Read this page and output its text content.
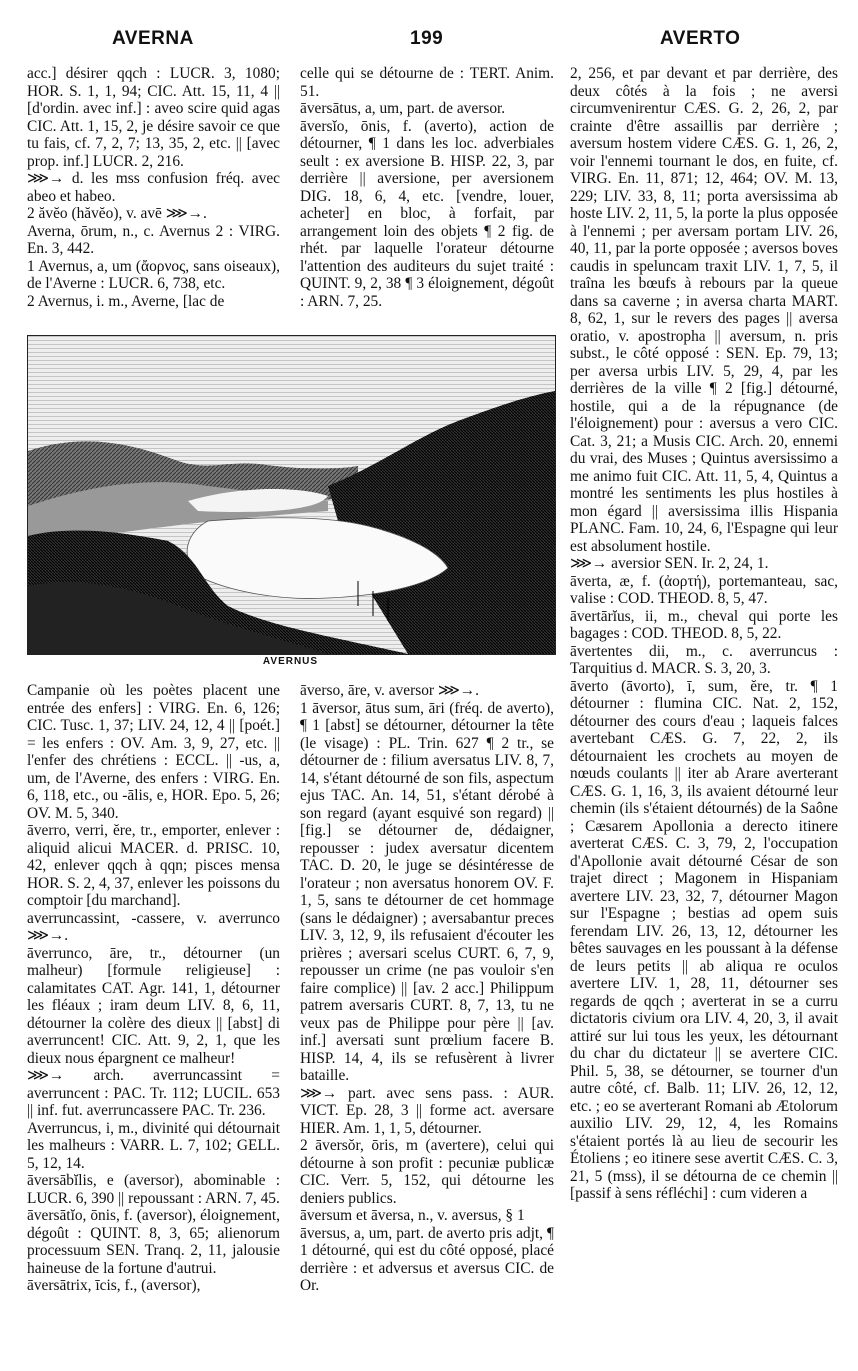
AVERNA	199	AVERTO

acc.] désirer qqch : LUCR. 3, 1080; HOR. S. 1, 1, 94; CIC. Att. 15, 11, 4 || [d'ordin. avec inf.] : aveo scire quid agas CIC. Att. 1, 15, 2, je désire savoir ce que tu fais, cf. 7, 2, 7; 13, 35, 2, etc. || [avec prop. inf.] LUCR. 2, 216.

⋙→ d. les mss confusion fréq. avec abeo et habeo.

2 ăvĕo (hăvĕo), v. avē ⋙→.

Averna, ōrum, n., c. Avernus 2 : VIRG. En. 3, 442.

1 Avernus, a, um (ἄορνος, sans oiseaux), de l'Averne : LUCR. 6, 738, etc.

2 Avernus, i. m., Averne, [lac de

celle qui se détourne de : TERT. Anim. 51.

āversātus, a, um, part. de aversor.

āversĭo, ōnis, f. (averto), action de détourner, ¶ 1 dans les loc. adverbiales seult : ex aversione B. HISP. 22, 3, par derrière || aversione, per aversionem DIG. 18, 6, 4, etc. [vendre, louer, acheter] en bloc, à forfait, par arrangement loin des objets ¶ 2 fig. de rhét. par laquelle l'orateur détourne l'attention des auditeurs du sujet traité : QUINT. 9, 2, 38 ¶ 3 éloignement, dégoût : ARN. 7, 25.

AVERNUS

Campanie où les poètes placent une entrée des enfers] : VIRG. En. 6, 126; CIC. Tusc. 1, 37; LIV. 24, 12, 4 || [poét.] = les enfers : OV. Am. 3, 9, 27, etc. || l'enfer des chrétiens : ECCL. || -us, a, um, de l'Averne, des enfers : VIRG. En. 6, 118, etc., ou -ālis, e, HOR. Epo. 5, 26; OV. M. 5, 340.

āverro, verri, ĕre, tr., emporter, enlever : aliquid alicui MACER. d. PRISC. 10, 42, enlever qqch à qqn; pisces mensa HOR. S. 2, 4, 37, enlever les poissons du comptoir [du marchand].

averruncassint, -cassere, v. averrunco ⋙→.

āverrunco, āre, tr., détourner (un malheur) [formule religieuse] : calamitates CAT. Agr. 141, 1, détourner les fléaux ; iram deum LIV. 8, 6, 11, détourner la colère des dieux || [abst] di averruncent! CIC. Att. 9, 2, 1, que les dieux nous épargnent ce malheur!

⋙→ arch. averruncassint = averruncent : PAC. Tr. 112; LUCIL. 653 || inf. fut. averruncassere PAC. Tr. 236.

Averruncus, i, m., divinité qui détournait les malheurs : VARR. L. 7, 102; GELL. 5, 12, 14.

āversābĭlis, e (aversor), abominable : LUCR. 6, 390 || repoussant : ARN. 7, 45.

āversātĭo, ōnis, f. (aversor), éloignement, dégoût : QUINT. 8, 3, 65; alienorum processuum SEN. Tranq. 2, 11, jalousie haineuse de la fortune d'autrui.

āversātrix, īcis, f., (aversor),

āverso, āre, v. aversor ⋙→.

1 āversor, ātus sum, āri (fréq. de averto), ¶ 1 [abst] se détourner, détourner la tête (le visage) : PL. Trin. 627 ¶ 2 tr., se détourner de : filium aversatus LIV. 8, 7, 14, s'étant détourné de son fils, aspectum ejus TAC. An. 14, 51, s'étant dérobé à son regard (ayant esquivé son regard) || [fig.] se détourner de, dédaigner, repousser : judex aversatur dicentem TAC. D. 20, le juge se désintéresse de l'orateur ; non aversatus honorem OV. F. 1, 5, sans te détourner de cet hommage (sans le dédaigner) ; aversabantur preces LIV. 3, 12, 9, ils refusaient d'écouter les prières ; aversari scelus CURT. 6, 7, 9, repousser un crime (ne pas vouloir s'en faire complice) || [av. 2 acc.] Philippum patrem aversaris CURT. 8, 7, 13, tu ne veux pas de Philippe pour père || [av. inf.] aversati sunt prœlium facere B. HISP. 14, 4, ils se refusèrent à livrer bataille.

⋙→ part. avec sens pass. : AUR. VICT. Ep. 28, 3 || forme act. aversare HIER. Am. 1, 1, 5, détourner.

2 āversŏr, ōris, m (avertere), celui qui détourne à son profit : pecuniæ publicæ CIC. Verr. 5, 152, qui détourne les deniers publics.

āversum et āversa, n., v. aversus, § 1

āversus, a, um, part. de averto pris adjt, ¶ 1 détourné, qui est du côté opposé, placé derrière : et adversus et aversus CIC. de Or.

2, 256, et par devant et par derrière, des deux côtés à la fois ; ne aversi circumvenirentur CÆS. G. 2, 26, 2, par crainte d'être assaillis par derrière ; aversum hostem videre CÆS. G. 1, 26, 2, voir l'ennemi tournant le dos, en fuite, cf. VIRG. En. 11, 871; 12, 464; OV. M. 13, 229; LIV. 33, 8, 11; porta aversissima ab hoste LIV. 2, 11, 5, la porte la plus opposée à l'ennemi ; per aversam portam LIV. 26, 40, 11, par la porte opposée ; aversos boves caudis in speluncam traxit LIV. 1, 7, 5, il traîna les bœufs à rebours par la queue dans sa caverne ; in aversa charta MART. 8, 62, 1, sur le revers des pages || aversa oratio, v. apostropha || aversum, n. pris subst., le côté opposé : SEN. Ep. 79, 13; per aversa urbis LIV. 5, 29, 4, par les derrières de la ville ¶ 2 [fig.] détourné, hostile, qui a de la répugnance (de l'éloignement) pour : aversus a vero CIC. Cat. 3, 21; a Musis CIC. Arch. 20, ennemi du vrai, des Muses ; Quintus aversissimo a me animo fuit CIC. Att. 11, 5, 4, Quintus a montré les sentiments les plus hostiles à mon égard || aversissima illis Hispania PLANC. Fam. 10, 24, 6, l'Espagne qui leur est absolument hostile.

⋙→ aversior SEN. Ir. 2, 24, 1.

āverta, æ, f. (ἀορτή), portemanteau, sac, valise : COD. THEOD. 8, 5, 47.

āvertārĭus, ii, m., cheval qui porte les bagages : COD. THEOD. 8, 5, 22.

āvertentes dii, m., c. averruncus : Tarquitius d. MACR. S. 3, 20, 3.

āverto (āvorto), ī, sum, ĕre, tr. ¶ 1 détourner : flumina CIC. Nat. 2, 152, détourner des cours d'eau ; laqueis falces avertebant CÆS. G. 7, 22, 2, ils détournaient les crochets au moyen de nœuds coulants || iter ab Arare averterant CÆS. G. 1, 16, 3, ils avaient détourné leur chemin (ils s'étaient détournés) de la Saône ; Cæsarem Apollonia a derecto itinere averterat CÆS. C. 3, 79, 2, l'occupation d'Apollonie avait détourné César de son trajet direct ; Magonem in Hispaniam avertere LIV. 23, 32, 7, détourner Magon sur l'Espagne ; bestias ad opem suis ferendam LIV. 26, 13, 12, détourner les bêtes sauvages en les poussant à la défense de leurs petits || ab aliqua re oculos avertere LIV. 1, 28, 11, détourner ses regards de qqch ; averterat in se a curru dictatoris civium ora LIV. 4, 20, 3, il avait attiré sur lui tous les yeux, les détournant du char du dictateur || se avertere CIC. Phil. 5, 38, se détourner, se tourner d'un autre côté, cf. Balb. 11; LIV. 26, 12, 12, etc. ; eo se averterant Romani ab Ætolorum auxilio LIV. 29, 12, 4, les Romains s'étaient portés là au lieu de secourir les Étoliens ; eo itinere sese avertit CÆS. C. 3, 21, 5 (mss), il se détourna de ce chemin || [passif à sens réfléchi] : cum videren a
